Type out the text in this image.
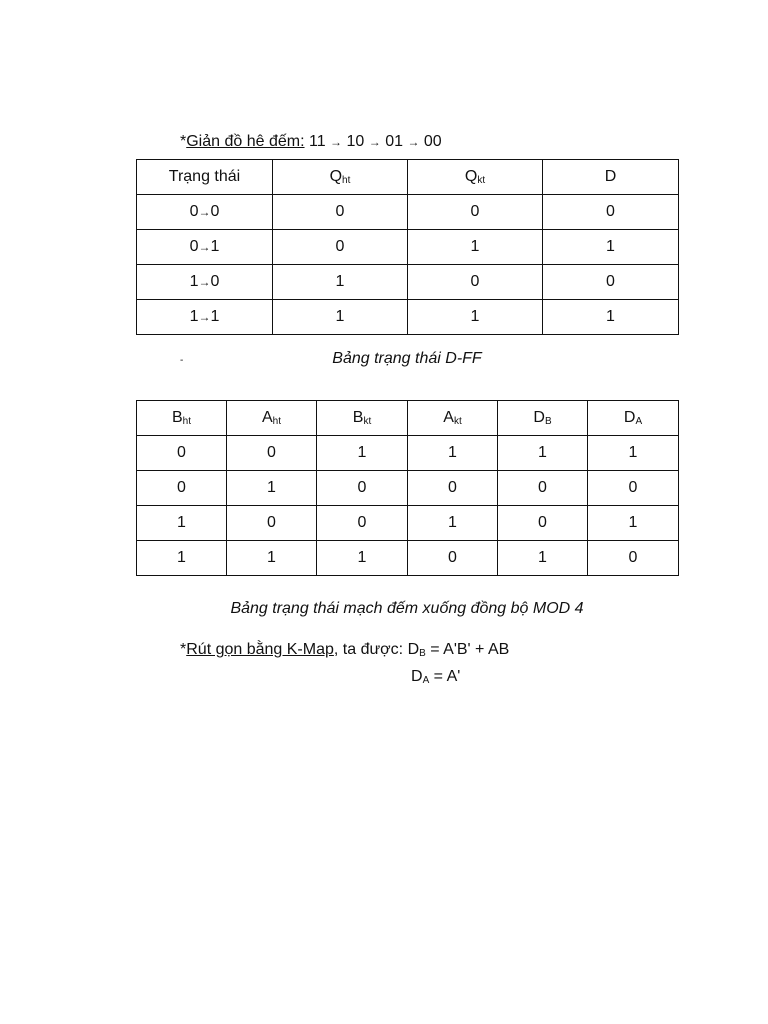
*Giản đồ hê đếm: 11 → 10 → 01 → 00
Trạng thái	$Q_{ht}$	$Q_{kt}$	D
0→0	0	0	0
0→1	0	1	1
1→0	1	0	0
1→1	1	1	1
-	Bảng trạng thái D-FF
$B_{ht}$	$A_{ht}$	$B_{kt}$	$A_{kt}$	$D_B$	$D_A$
0	0	1	1	1	1
0	1	0	0	0	0
1	0	0	1	0	1
1	1	1	0	1	0
Bảng trạng thái mạch đếm xuống đồng bộ MOD 4
*Rút gọn bằng K-Map, ta được: $D_B = A'B'$ + AB
$D_A = A'$
